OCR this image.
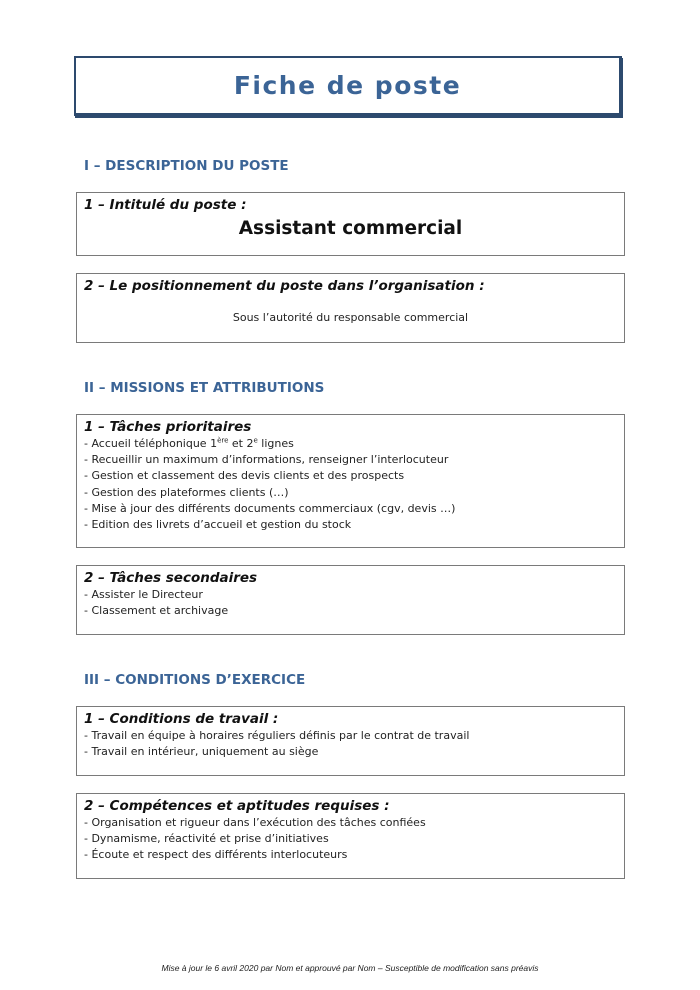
Fiche de poste
I – DESCRIPTION DU POSTE

1 – Intitulé du poste :

Assistant commercial

2 – Le positionnement du poste dans l’organisation :

Sous l’autorité du responsable commercial
II – MISSIONS ET ATTRIBUTIONS

1 – Tâches prioritaires

- Accueil téléphonique 1ère et 2e lignes
- Recueillir un maximum d’informations, renseigner l’interlocuteur
- Gestion et classement des devis clients et des prospects
- Gestion des plateformes clients (…)
- Mise à jour des différents documents commerciaux (cgv, devis …)
- Edition des livrets d’accueil et gestion du stock

2 – Tâches secondaires

- Assister le Directeur
- Classement et archivage
III – CONDITIONS D’EXERCICE

1 – Conditions de travail :

- Travail en équipe à horaires réguliers définis par le contrat de travail
- Travail en intérieur, uniquement au siège

2 – Compétences et aptitudes requises :

- Organisation et rigueur dans l’exécution des tâches confiées
- Dynamisme, réactivité et prise d’initiatives
- Écoute et respect des différents interlocuteurs
Mise à jour le 6 avril 2020 par Nom et approuvé par Nom – Susceptible de modification sans préavis
